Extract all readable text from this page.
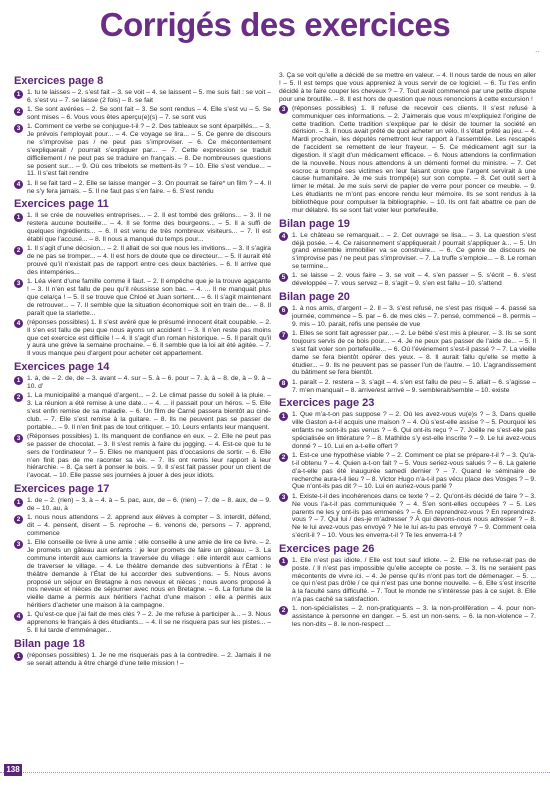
Corrigés des exercices
..
Exercices page 8
1 1. tu te laisses – 2. s’est fait – 3. se voit – 4. se laissent – 5. me suis fait : se voit – 6. s’est vu – 7. se laisse (2 fois) – 8. se fait
2 1. Se sont avérées – 2. Se sont fait – 3. Se sont rendus – 4. Elle s’est vu – 5. Se sont mises – 6. Vous vous êtes aperçu(e)(s) – 7. se sont vus
3 1. Comment ce verbe se conjugue-t-il ? – 2. Des tableaux se sont éparpillés... – 3. Je prévois l’employait pour... – 4. Ce voyage se lira... – 5. Ce genre de discours ne s’improvise pas / ne peut pas s’improviser. – 6. Ce mécontentement s’expliquerait / pourrait s’expliquer par... – 7. Cette expression se traduit difficilement / ne peut pas se traduire en français. – 8. De nombreuses questions se posent sur... – 9. Où ces tribelots se mettent-ils ? – 10. Elle s’est vendue... – 11. Il s’est fait rendre
4 1. Il se fait tard – 2. Elle se laisse manger – 3. On pourrait se faire* un film ? – 4. Il ne s’y fera jamais. – 5. Il ne faut pas s’en faire. – 6. S’est rendu
Exercices page 11
1 1. Il se crée de nouvelles entreprises... – 2. Il est tombé des grêlons... – 3. Il ne restera aucune bouteille... – 4. Il se forme des bourgeons... – 5. Il a suffi de quelques ingrédients... – 6. Il est venu de très nombreux visiteurs... – 7. Il est établi que l’accusé... – 8. Il nous a manqué du temps pour...
2 1. Il s’agit d’une décision... – 2. Il allait de soi que nous les invitions... – 3. Il s’agira de ne pas se tromper... – 4. Il est hors de doute que ce directeur... – 5. Il aurait été prouvé qu’il n’existait pas de rapport entre ces deux bactéries. – 6. Il arrive que des intempéries...
3 1. Léa vient d’une famille comme il faut. – 2. Il empêche que je la trouve agaçante ! – 3. Il n’en est fallu de peu qu’il réussisse son bac. – 4. ... Il ne manquait plus que cela/ça ! – 5. Il se trouve que Chloé et Juan sortent... – 6. Il s’agit maintenant de retrouver... – 7. Il semble que la situation économique soit en train de... – 8. Il paraît que la starlette...
4 (réponses possibles) 1. Il s’est avéré que le présumé innocent était coupable. – 2. Il s’en est fallu de peu que nous ayons un accident ! – 3. Il n’en reste pas moins que cet exercice est difficile ! – 4. Il s’agit d’un roman historique. – 5. Il paraît qu’il y aura une grève la semaine prochaine. – 6. Il semble que la loi ait été agitée. – 7. Il vous manque peu d’argent pour acheter cet appartement.
Exercices page 14
1 1. à, de – 2. de, de – 3. avant – 4. sur – 5. à – 6. pour – 7. à, à – 8. de, à – 9. à – 10. d’
2 1. La municipalité a manqué d’argent... – 2. Le climat passe du soleil à la pluie. – 3. La réunion a été remise à une date... – 4. ... il passait pour un héros. – 5. Elle s’est enfin remise de sa maladie. – 6. Un film de Carné passera bientôt au ciné-club. – 7. Elle s’est remise à la guitare. – 8. Ils ne peuvent pas se passer de portable... – 9. Il n’en finit pas de tout critiquer. – 10. Leurs enfants leur manquent.
3 (Réponses possibles) 1. Ils manquent de confiance en eux. – 2. Elle ne peut pas se passer de chocolat. – 3. Il s’est remis à faire du jogging. – 4. Est-ce que tu te sers de l’ordinateur ? – 5. Elles ne manquent pas d’occasions de sortir. – 6. Elle n’en finit pas de me raconter sa vie. – 7. Ils ont remis leur rapport à leur hiérarchie. – 8. Ça sert à ponser le bois. – 9. Il s’est fait passer pour un client de l’avocat. – 10. Elle passe ses journées à jouer à des jeux idiots.
Exercices page 17
1 1. de – 2. (rien) – 3. à – 4. à – 5. pac, aux, de – 6. (rien) – 7. de – 8. aux, de – 9. de – 10. au, à
2 1. nous nous attendons – 2. apprend aux élèves à compter – 3. interdit, défend, dit – 4. pensent, disent – 5. reproche – 6. venons de, persons – 7. apprend, commence
3 1. Elle conseille ce livre à une amie : elle conseille à une amie de lire ce livre. – 2. Je promets un gâteau aux enfants : je leur promets de faire un gâteau. – 3. La commune interdit aux camions la traversée du village : elle interdit aux camions de traverser le village. – 4. Le théâtre demande des subventions à l’État : le théâtre demande à l’État de lui accorder des subventions. – 5. Nous avons proposé un séjour en Bretagne à nos neveux et nièces ; nous avons proposé à nos neveux et nièces de séjourner avec nous en Bretagne. – 6. La fortune de la vieille dame a permis aux héritiers l’achat d’une maison : elle a permis aux héritiers d’acheter une maison à la campagne.
4 1. Qu’est-ce que j’ai fait de mes clés ? – 2. Je me refuse à participer à... – 3. Nous apprenons le français à des étudiants... – 4. Il se ne risquera pas sur les pistes... – 5. Il lui tarde d’emménager...
Bilan page 18
1 (réponses possibles) 1. Je ne me risquerais pas à la contredire. – 2. Jamais il ne se serait attendu à être chargé d’une telle mission ! –
3. Ça se voit qu’elle a décidé de se mettre en valeur. – 4. Il nous tarde de nous en aller ! – 5. Il est temps que vous appreniez à vous servir de ce logiciel. – 6. Tu t’es enfin décidé à te faire couper les cheveux ? – 7. Tout avait commencé par une petite dispute pour une broutille. – 8. Il est hors de question que nous renoncions à cette excursion !
3 (réponses possibles) 1. Il refuse de recevoir ces clients. Il s’est refusé à communiquer ces informations. – 2. J’aimerais que vous m’expliquiez l’origine de cette tradition. Cette tradition s’explique par le désir de tourner la société en dérision. – 3. Il nous avait prêté de quoi acheter un vélo. Il s’était prêté au jeu. – 4. Mardi prochain, les députés remettront leur rapport à l’assemblée. Les rescapés de l’accident se remettent de leur frayeur. – 5. Ce médicament agit sur la digestion. Il s’agit d’un médicament efficace. – 6. Nous attendons la confirmation de la nouvelle. Nous nous attendons à un démenti formel du ministre. – 7. Cet escroc a trompé ses victimes en leur faisant croire que l’argent servirait à une cause humanitaire. Je me suis trompé(e) sur son compte. – 8. Cet outil sert à limer le métal. Je me suis servi de papier de verre pour poncer ce meuble. – 9. Les étudiants ne m’ont pas encore rendu leur mémoire. Ils se sont rendus à la bibliothèque pour compulser la bibliographie. – 10. Ils ont fait abattre ce pan de mur délabré. Ils se sont fait voler leur portefeuille.
Bilan page 19
4 1. Le château se remarquait... – 2. Cet ouvrage se lisa... – 3. La question s’est déjà posée. – 4. Ce raisonnement s’appliquerait / pourrait s’appliquer à... – 5. Un grand ensemble immobilier va se construire... – 6. Ce genre de discours ne s’improvise pas / ne peut pas s’improviser. – 7. La truffe s’emploie... – 8. Le roman se termine...
5 1. se laisse – 2. vous faire – 3. se voit – 4. s’en passer – 5. s’écrit – 6. s’est développée – 7. vous servez – 8. s’agit – 9. s’en est fallu – 10. s’attend
Bilan page 20
6 1. à nos amis, d’argent – 2. Il – 3. s’est refusé, ne s’est pas risqué – 4. passé sa journée, commence – 5. par – 6. de mes clés – 7. pensé, commencé – 8. permis – 9. mis – 10. parait, refis une pensée de vue
7 1. Elles se sont fait agresser par... – 2. Le bébé s’est mis à pleurer. – 3. Ils se sont toujours servis de ce bois pour... – 4. Je ne peux pas passer de l’aide de... – 5. Il s’est fait voler son portefeuille... – 6. Où l’événement s’est-il passé ? – 7. La vieille dame se fera bientôt opérer des yeux. – 8. Il aurait fallu qu’elle se mette à étudier... – 9. Ils ne peuvent pas se passer l’un de l’autre. – 10. L’agrandissement du bâtiment se fera bientôt.
8 1. paraît – 2. restera – 3. s’agit – 4. s’en est fallu de peu – 5. allait – 6. s’agisse – 7. m’en manquait – 8. arrive/est arrivé – 9. semblerait/semble – 10. existe
Exercices page 23
1 1. Que m’a-t-on pas suppose ? – 2. Où les avez-vous vu(e)s ? – 3. Dans quelle ville Gaston a-t-il acquis une maison ? – 4. Où s’est-elle assise ? – 5. Pourquoi les enfants ne sont-ils pas venus ? – 6. Qui ont-ils reçu ? – 7. Joëlle ne s’est-elle pas spécialisée en littérature ? – 8. Mathilde s’y est-elle inscrite ? – 9. Le lui avez-vous donné ? – 10. Lui en a-t-elle offert ?
2 1. Est-ce une hypothèse viable ? – 2. Comment ce plat se prépare-t-il ? – 3. Qu’a-t-il obtenu ? – 4. Quien a-t-on fait ? – 5. Vous seriez-vous salués ? – 6. La galerie d’a-t-elle pas été inaugurée samedi dernier ? – 7. Quand le séminaire de recherche aura-t-il lieu ? – 8. Victor Hugo n’a-t-il pas vécu place des Vosges ? – 9. Que n’ont-ils pas dit ? – 10. Lui en auriez-vous parlé ?
3 1. Existe-t-il des incohérences dans ce texte ? – 2. Qu’ont-ils décidé de faire ? – 3. Ne vous l’a-t-il pas communiquée ? – 4. S’en sont-elles occupées ? – 5. Les parents ne les y ont-ils pas emmenés ? – 6. En reprendrez-vous ? En reprendrez-vous ? – 7. Qui lui / des-je m’adresser ? À qui devons-nous nous adresser ? – 8. Ne le lui avez-vous pas envoyé ? Ne le lui as-tu pas envoyé ? – 9. Comment cela s’écrit-il ? – 10. Vous les enverra-t-il ? Te les enverra-t-il ?
Exercices page 26
1 1. Elle n’est pas idiote. / Elle est tout sauf idiote. – 2. Elle ne refuse-rait pas de poste. / Il n’est pas impossible qu’elle accepte ce poste. – 3. Ils ne seraient pas mécontents de vivre ici. – 4. Je pense qu’ils n’ont pas tort de démenager. – 5. ... ce qui n’est pas drôle / ce qui n’est pas une bonne nouvelle. – 6. Elle s’est inscrite à la faculté sans difficulté. – 7. Tout le monde ne s’intéresse pas à ce sujet. 8. Elle n’a pas caché sa satisfaction.
2 1. non-spécialistes – 2. non-pratiquants – 3. la non-prolifération – 4. pour non-assistance à personne en danger. – 5. est un non-sens. – 6. la non-violence – 7. les non-dits – 8. le non-respect ...
138
